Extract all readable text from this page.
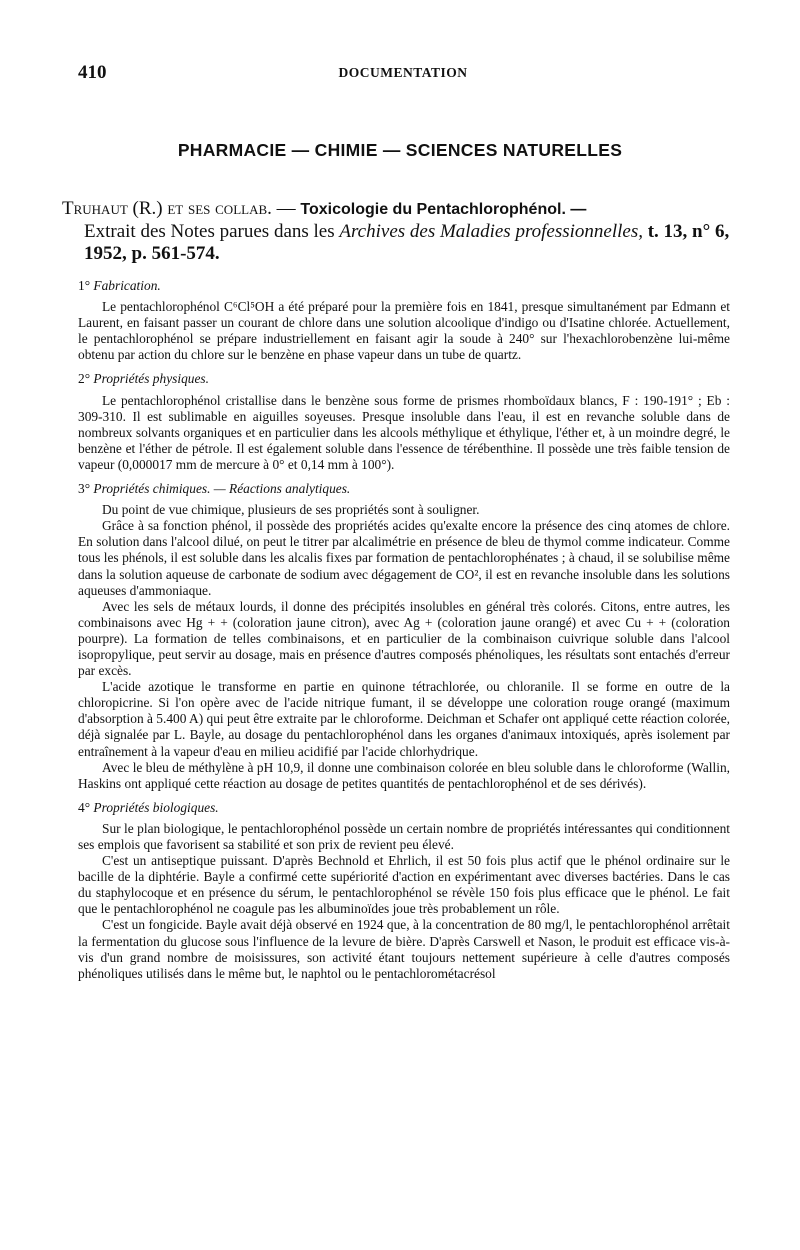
410	DOCUMENTATION
PHARMACIE — CHIMIE — SCIENCES NATURELLES
Truhaut (R.) et ses collab. — Toxicologie du Pentachlorophénol. —
Extrait des Notes parues dans les Archives des Maladies professionnelles, t. 13, n° 6, 1952, p. 561-574.
1° Fabrication.

Le pentachlorophénol C⁶Cl⁵OH a été préparé pour la première fois en 1841, presque simultanément par Edmann et Laurent, en faisant passer un courant de chlore dans une solution alcoolique d'indigo ou d'Isatine chlorée. Actuellement, le pentachlorophénol se prépare industriellement en faisant agir la soude à 240° sur l'hexachlorobenzène lui-même obtenu par action du chlore sur le benzène en phase vapeur dans un tube de quartz.

2° Propriétés physiques.

Le pentachlorophénol cristallise dans le benzène sous forme de prismes rhomboïdaux blancs, F : 190-191° ; Eb : 309-310. Il est sublimable en aiguilles soyeuses. Presque insoluble dans l'eau, il est en revanche soluble dans de nombreux solvants organiques et en particulier dans les alcools méthylique et éthylique, l'éther et, à un moindre degré, le benzène et l'éther de pétrole. Il est également soluble dans l'essence de térébenthine. Il possède une très faible tension de vapeur (0,000017 mm de mercure à 0° et 0,14 mm à 100°).

3° Propriétés chimiques. — Réactions analytiques.

Du point de vue chimique, plusieurs de ses propriétés sont à souligner.

Grâce à sa fonction phénol, il possède des propriétés acides qu'exalte encore la présence des cinq atomes de chlore. En solution dans l'alcool dilué, on peut le titrer par alcalimétrie en présence de bleu de thymol comme indicateur. Comme tous les phénols, il est soluble dans les alcalis fixes par formation de pentachlorophénates ; à chaud, il se solubilise même dans la solution aqueuse de carbonate de sodium avec dégagement de CO², il est en revanche insoluble dans les solutions aqueuses d'ammoniaque.

Avec les sels de métaux lourds, il donne des précipités insolubles en général très colorés. Citons, entre autres, les combinaisons avec Hg + + (coloration jaune citron), avec Ag + (coloration jaune orangé) et avec Cu + + (coloration pourpre). La formation de telles combinaisons, et en particulier de la combinaison cuivrique soluble dans l'alcool isopropylique, peut servir au dosage, mais en présence d'autres composés phénoliques, les résultats sont entachés d'erreur par excès.

L'acide azotique le transforme en partie en quinone tétrachlorée, ou chloranile. Il se forme en outre de la chloropicrine. Si l'on opère avec de l'acide nitrique fumant, il se développe une coloration rouge orangé (maximum d'absorption à 5.400 A) qui peut être extraite par le chloroforme. Deichman et Schafer ont appliqué cette réaction colorée, déjà signalée par L. Bayle, au dosage du pentachlorophénol dans les organes d'animaux intoxiqués, après isolement par entraînement à la vapeur d'eau en milieu acidifié par l'acide chlorhydrique.

Avec le bleu de méthylène à pH 10,9, il donne une combinaison colorée en bleu soluble dans le chloroforme (Wallin, Haskins ont appliqué cette réaction au dosage de petites quantités de pentachlorophénol et de ses dérivés).

4° Propriétés biologiques.

Sur le plan biologique, le pentachlorophénol possède un certain nombre de propriétés intéressantes qui conditionnent ses emplois que favorisent sa stabilité et son prix de revient peu élevé.

C'est un antiseptique puissant. D'après Bechnold et Ehrlich, il est 50 fois plus actif que le phénol ordinaire sur le bacille de la diphtérie. Bayle a confirmé cette supériorité d'action en expérimentant avec diverses bactéries. Dans le cas du staphylocoque et en présence du sérum, le pentachlorophénol se révèle 150 fois plus efficace que le phénol. Le fait que le pentachlorophénol ne coagule pas les albuminoïdes joue très probablement un rôle.

C'est un fongicide. Bayle avait déjà observé en 1924 que, à la concentration de 80 mg/l, le pentachlorophénol arrêtait la fermentation du glucose sous l'influence de la levure de bière. D'après Carswell et Nason, le produit est efficace vis-à-vis d'un grand nombre de moisissures, son activité étant toujours nettement supérieure à celle d'autres composés phénoliques utilisés dans le même but, le naphtol ou le pentachlorométacrésol
